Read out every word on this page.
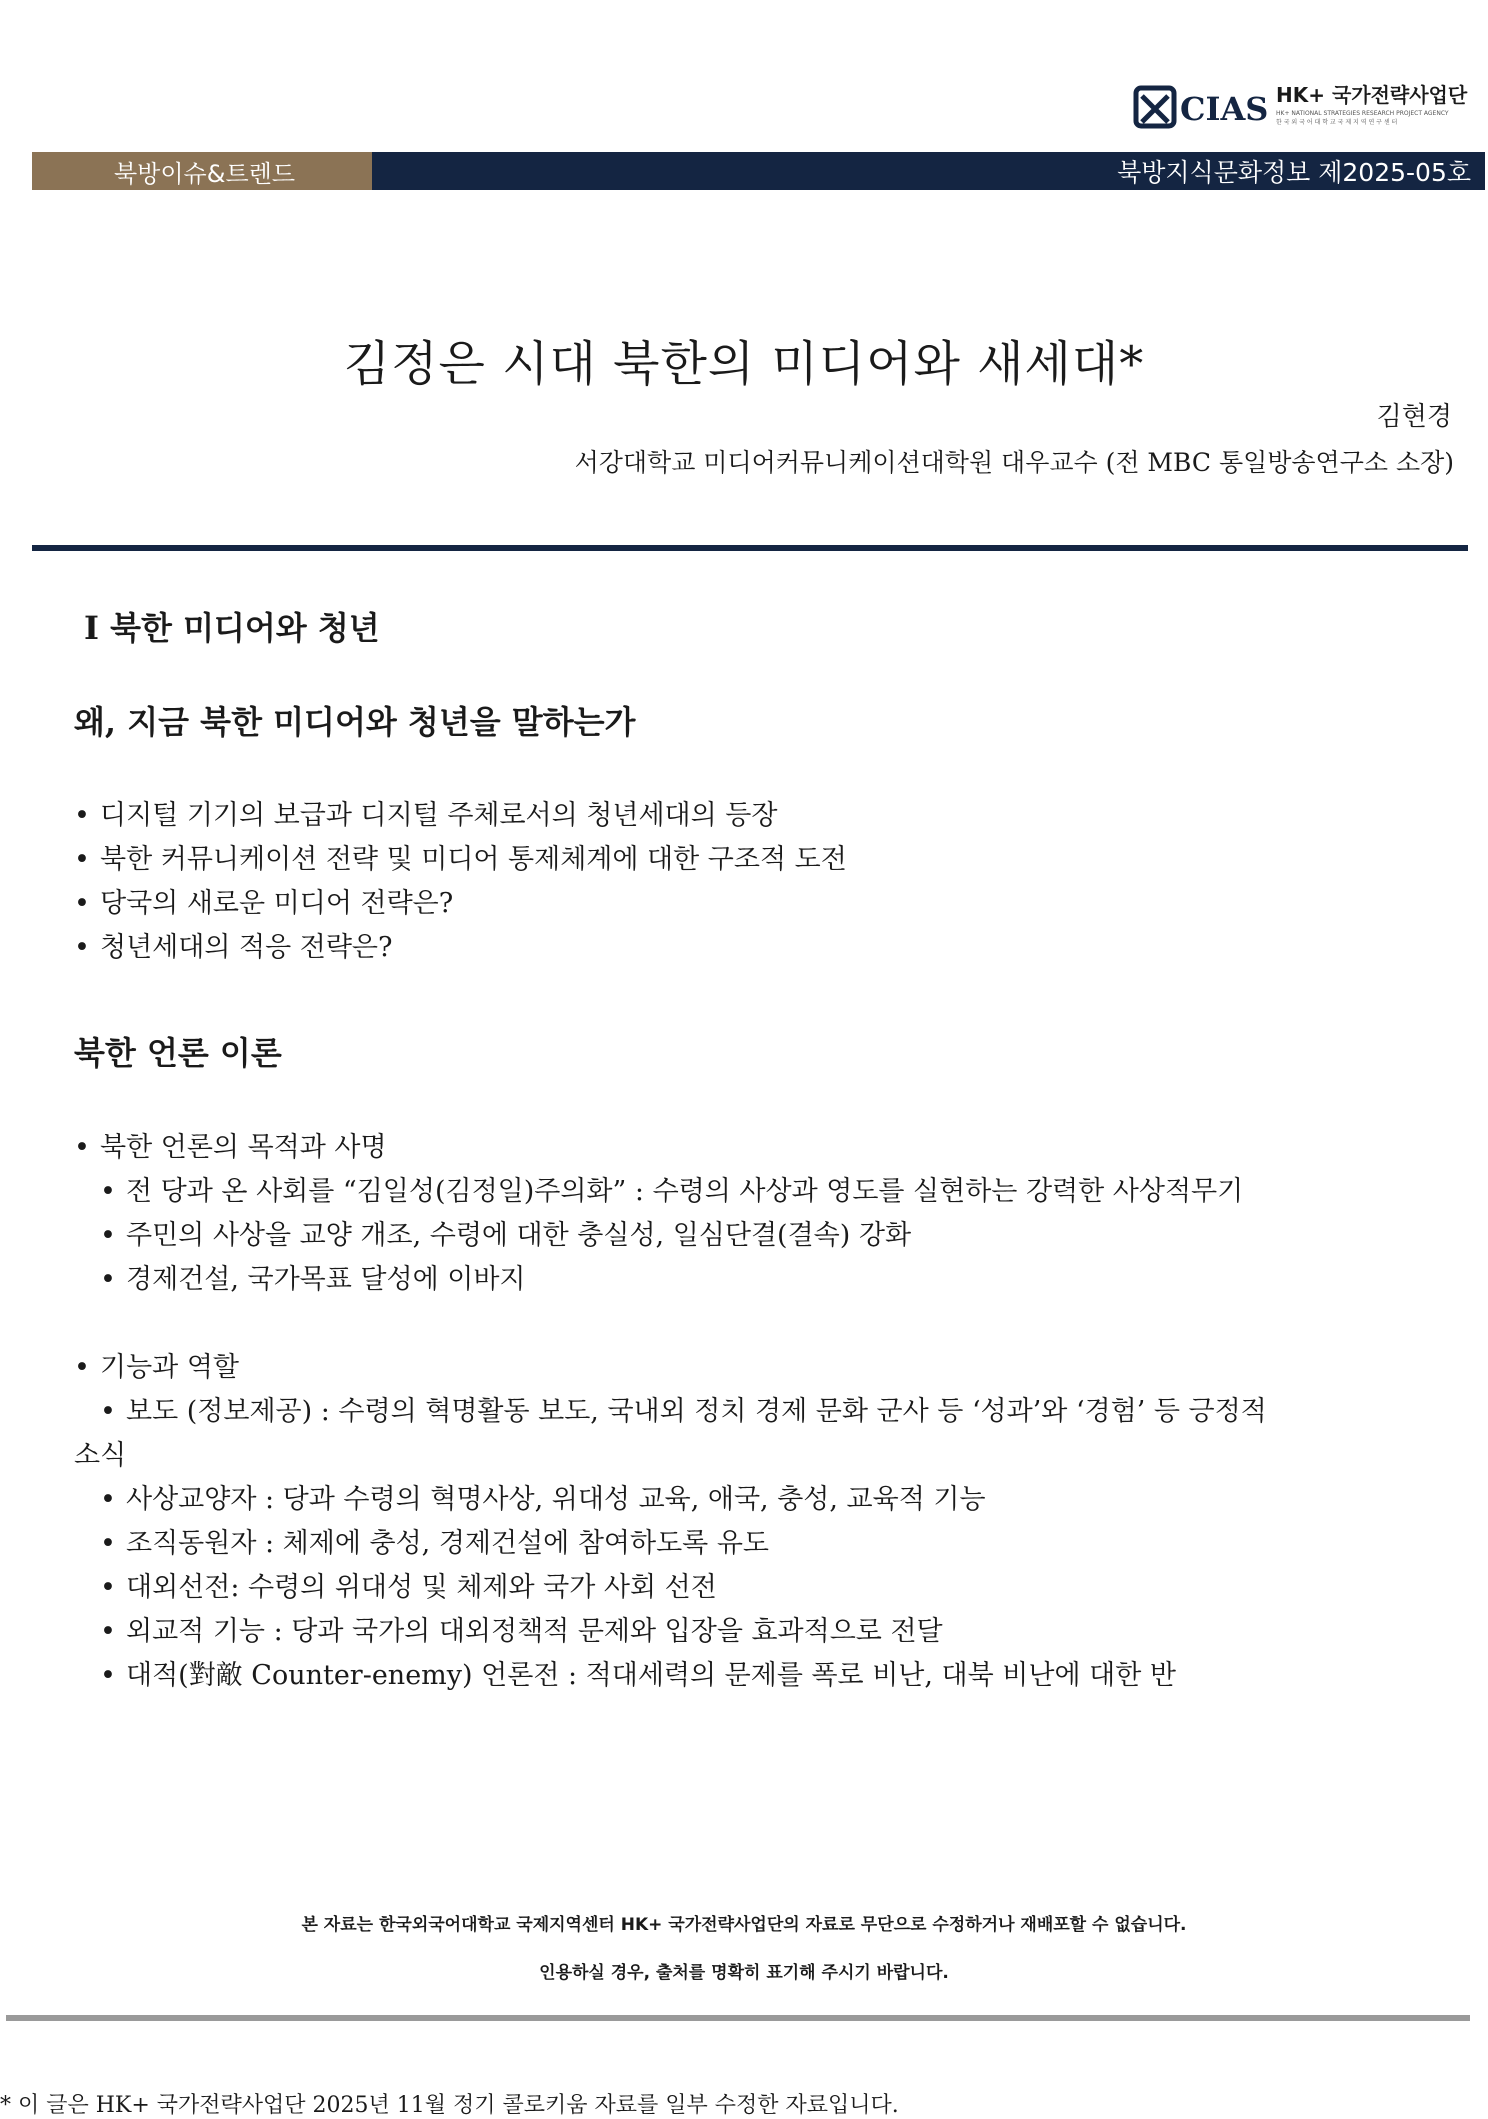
CIAS HK+ 국가전략사업단
HK+ NATIONAL STRATEGIES RESEARCH PROJECT AGENCY
한 국 외 국 어 대 학 교 국 제 지 역 연 구 센 터
북방이슈&트렌드	북방지식문화정보 제2025-05호
김정은 시대 북한의 미디어와 새세대*

김현경

서강대학교 미디어커뮤니케이션대학원 대우교수 (전 MBC 통일방송연구소 소장)

Ⅰ 북한 미디어와 청년
왜, 지금 북한 미디어와 청년을 말하는가
• 디지털 기기의 보급과 디지털 주체로서의 청년세대의 등장
• 북한 커뮤니케이션 전략 및 미디어 통제체계에 대한 구조적 도전
• 당국의 새로운 미디어 전략은?
• 청년세대의 적응 전략은?
북한 언론 이론
• 북한 언론의 목적과 사명
• 전 당과 온 사회를 “김일성(김정일)주의화” : 수령의 사상과 영도를 실현하는 강력한 사상적무기
• 주민의 사상을 교양 개조, 수령에 대한 충실성, 일심단결(결속) 강화
• 경제건설, 국가목표 달성에 이바지
• 기능과 역할
• 보도 (정보제공) : 수령의 혁명활동 보도, 국내외 정치 경제 문화 군사 등 ‘성과’와 ‘경험’ 등 긍정적
소식
• 사상교양자 : 당과 수령의 혁명사상, 위대성 교육, 애국, 충성, 교육적 기능
• 조직동원자 : 체제에 충성, 경제건설에 참여하도록 유도
• 대외선전: 수령의 위대성 및 체제와 국가 사회 선전
• 외교적 기능 : 당과 국가의 대외정책적 문제와 입장을 효과적으로 전달
• 대적(對敵 Counter-enemy) 언론전 : 적대세력의 문제를 폭로 비난, 대북 비난에 대한 반

본 자료는 한국외국어대학교 국제지역센터 HK+ 국가전략사업단의 자료로 무단으로 수정하거나 재배포할 수 없습니다.

인용하실 경우, 출처를 명확히 표기해 주시기 바랍니다.

* 이 글은 HK+ 국가전략사업단 2025년 11월 정기 콜로키움 자료를 일부 수정한 자료입니다.
